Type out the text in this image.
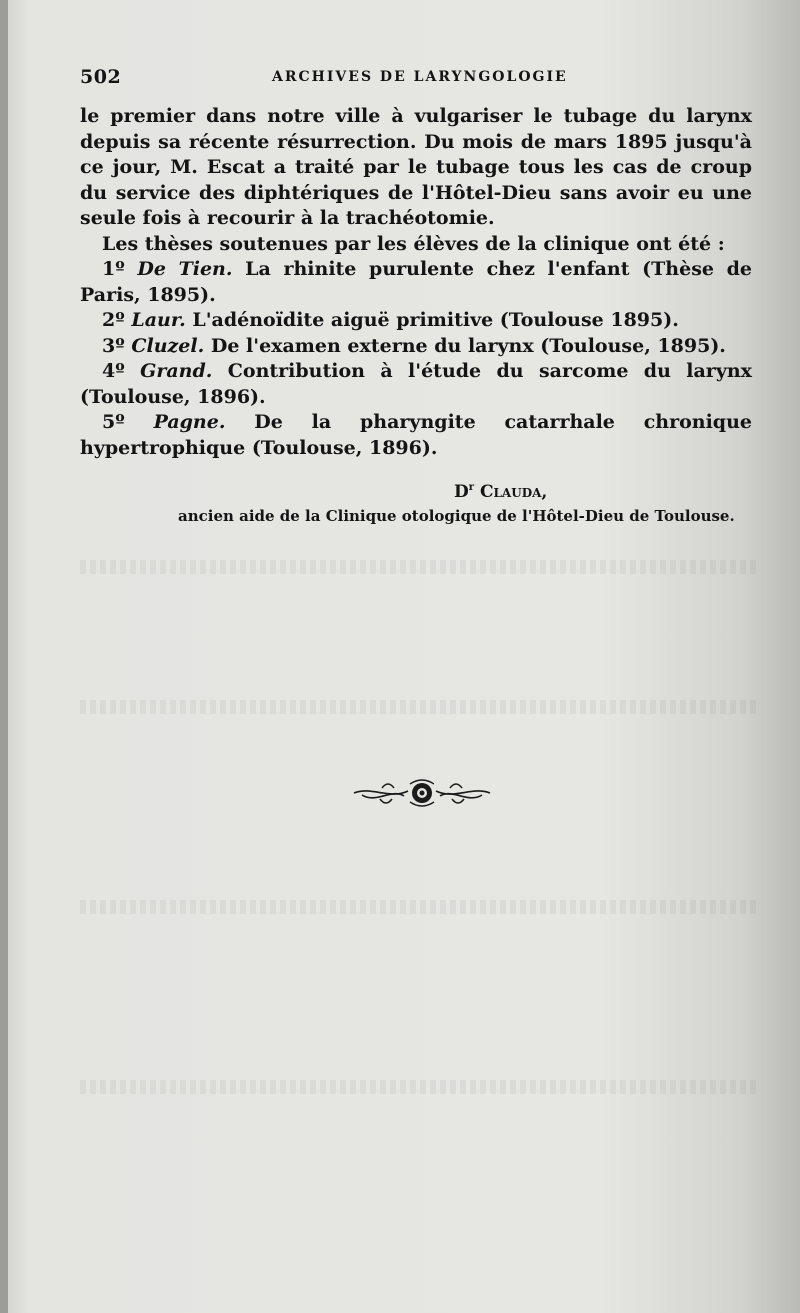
502	ARCHIVES DE LARYNGOLOGIE

le premier dans notre ville à vulgariser le tubage du larynx depuis sa récente résurrection. Du mois de mars 1895 jusqu'à ce jour, M. Escat a traité par le tubage tous les cas de croup du service des diphtériques de l'Hôtel-Dieu sans avoir eu une seule fois à recourir à la trachéotomie.

Les thèses soutenues par les élèves de la clinique ont été :

1º De Tien. La rhinite purulente chez l'enfant (Thèse de Paris, 1895).

2º Laur. L'adénoïdite aiguë primitive (Toulouse 1895).

3º Cluzel. De l'examen externe du larynx (Toulouse, 1895).

4º Grand. Contribution à l'étude du sarcome du larynx (Toulouse, 1896).

5º Pagne. De la pharyngite catarrhale chronique hypertrophique (Toulouse, 1896).

$D^r$ Clauda,
ancien aide de la Clinique otologique de l'Hôtel-Dieu de Toulouse.
